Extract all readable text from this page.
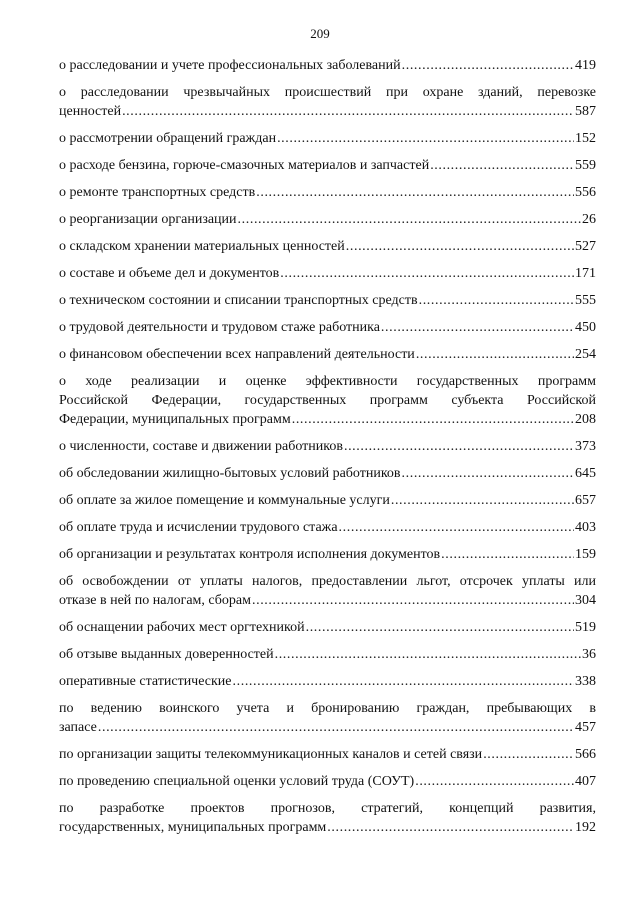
209
о расследовании и учете профессиональных заболеваний .....	419
о расследовании чрезвычайных происшествий при охране зданий, перевозке
ценностей .....	587
о рассмотрении обращений граждан .....	152
о расходе бензина, горюче-смазочных материалов и запчастей .....	559
о ремонте транспортных средств .....	556
о реорганизации организации .....	26
о складском хранении материальных ценностей .....	527
о составе и объеме дел и документов .....	171
о техническом состоянии и списании транспортных средств .....	555
о трудовой деятельности и трудовом стаже работника .....	450
о финансовом обеспечении всех направлений деятельности .....	254
о ходе реализации и оценке эффективности государственных программ
Российской Федерации, государственных программ субъекта Российской
Федерации, муниципальных программ .....	208
о численности, составе и движении работников .....	373
об обследовании жилищно-бытовых условий работников .....	645
об оплате за жилое помещение и коммунальные услуги .....	657
об оплате труда и исчислении трудового стажа .....	403
об организации и результатах контроля исполнения документов .....	159
об освобождении от уплаты налогов, предоставлении льгот, отсрочек уплаты или
отказе в ней по налогам, сборам .....	304
об оснащении рабочих мест оргтехникой .....	519
об отзыве выданных доверенностей .....	36
оперативные статистические .....	338
по ведению воинского учета и бронированию граждан, пребывающих в
запасе .....	457
по организации защиты телекоммуникационных каналов и сетей связи .....	566
по проведению специальной оценки условий труда (СОУТ) .....	407
по разработке проектов прогнозов, стратегий, концепций развития,
государственных, муниципальных программ .....	192
